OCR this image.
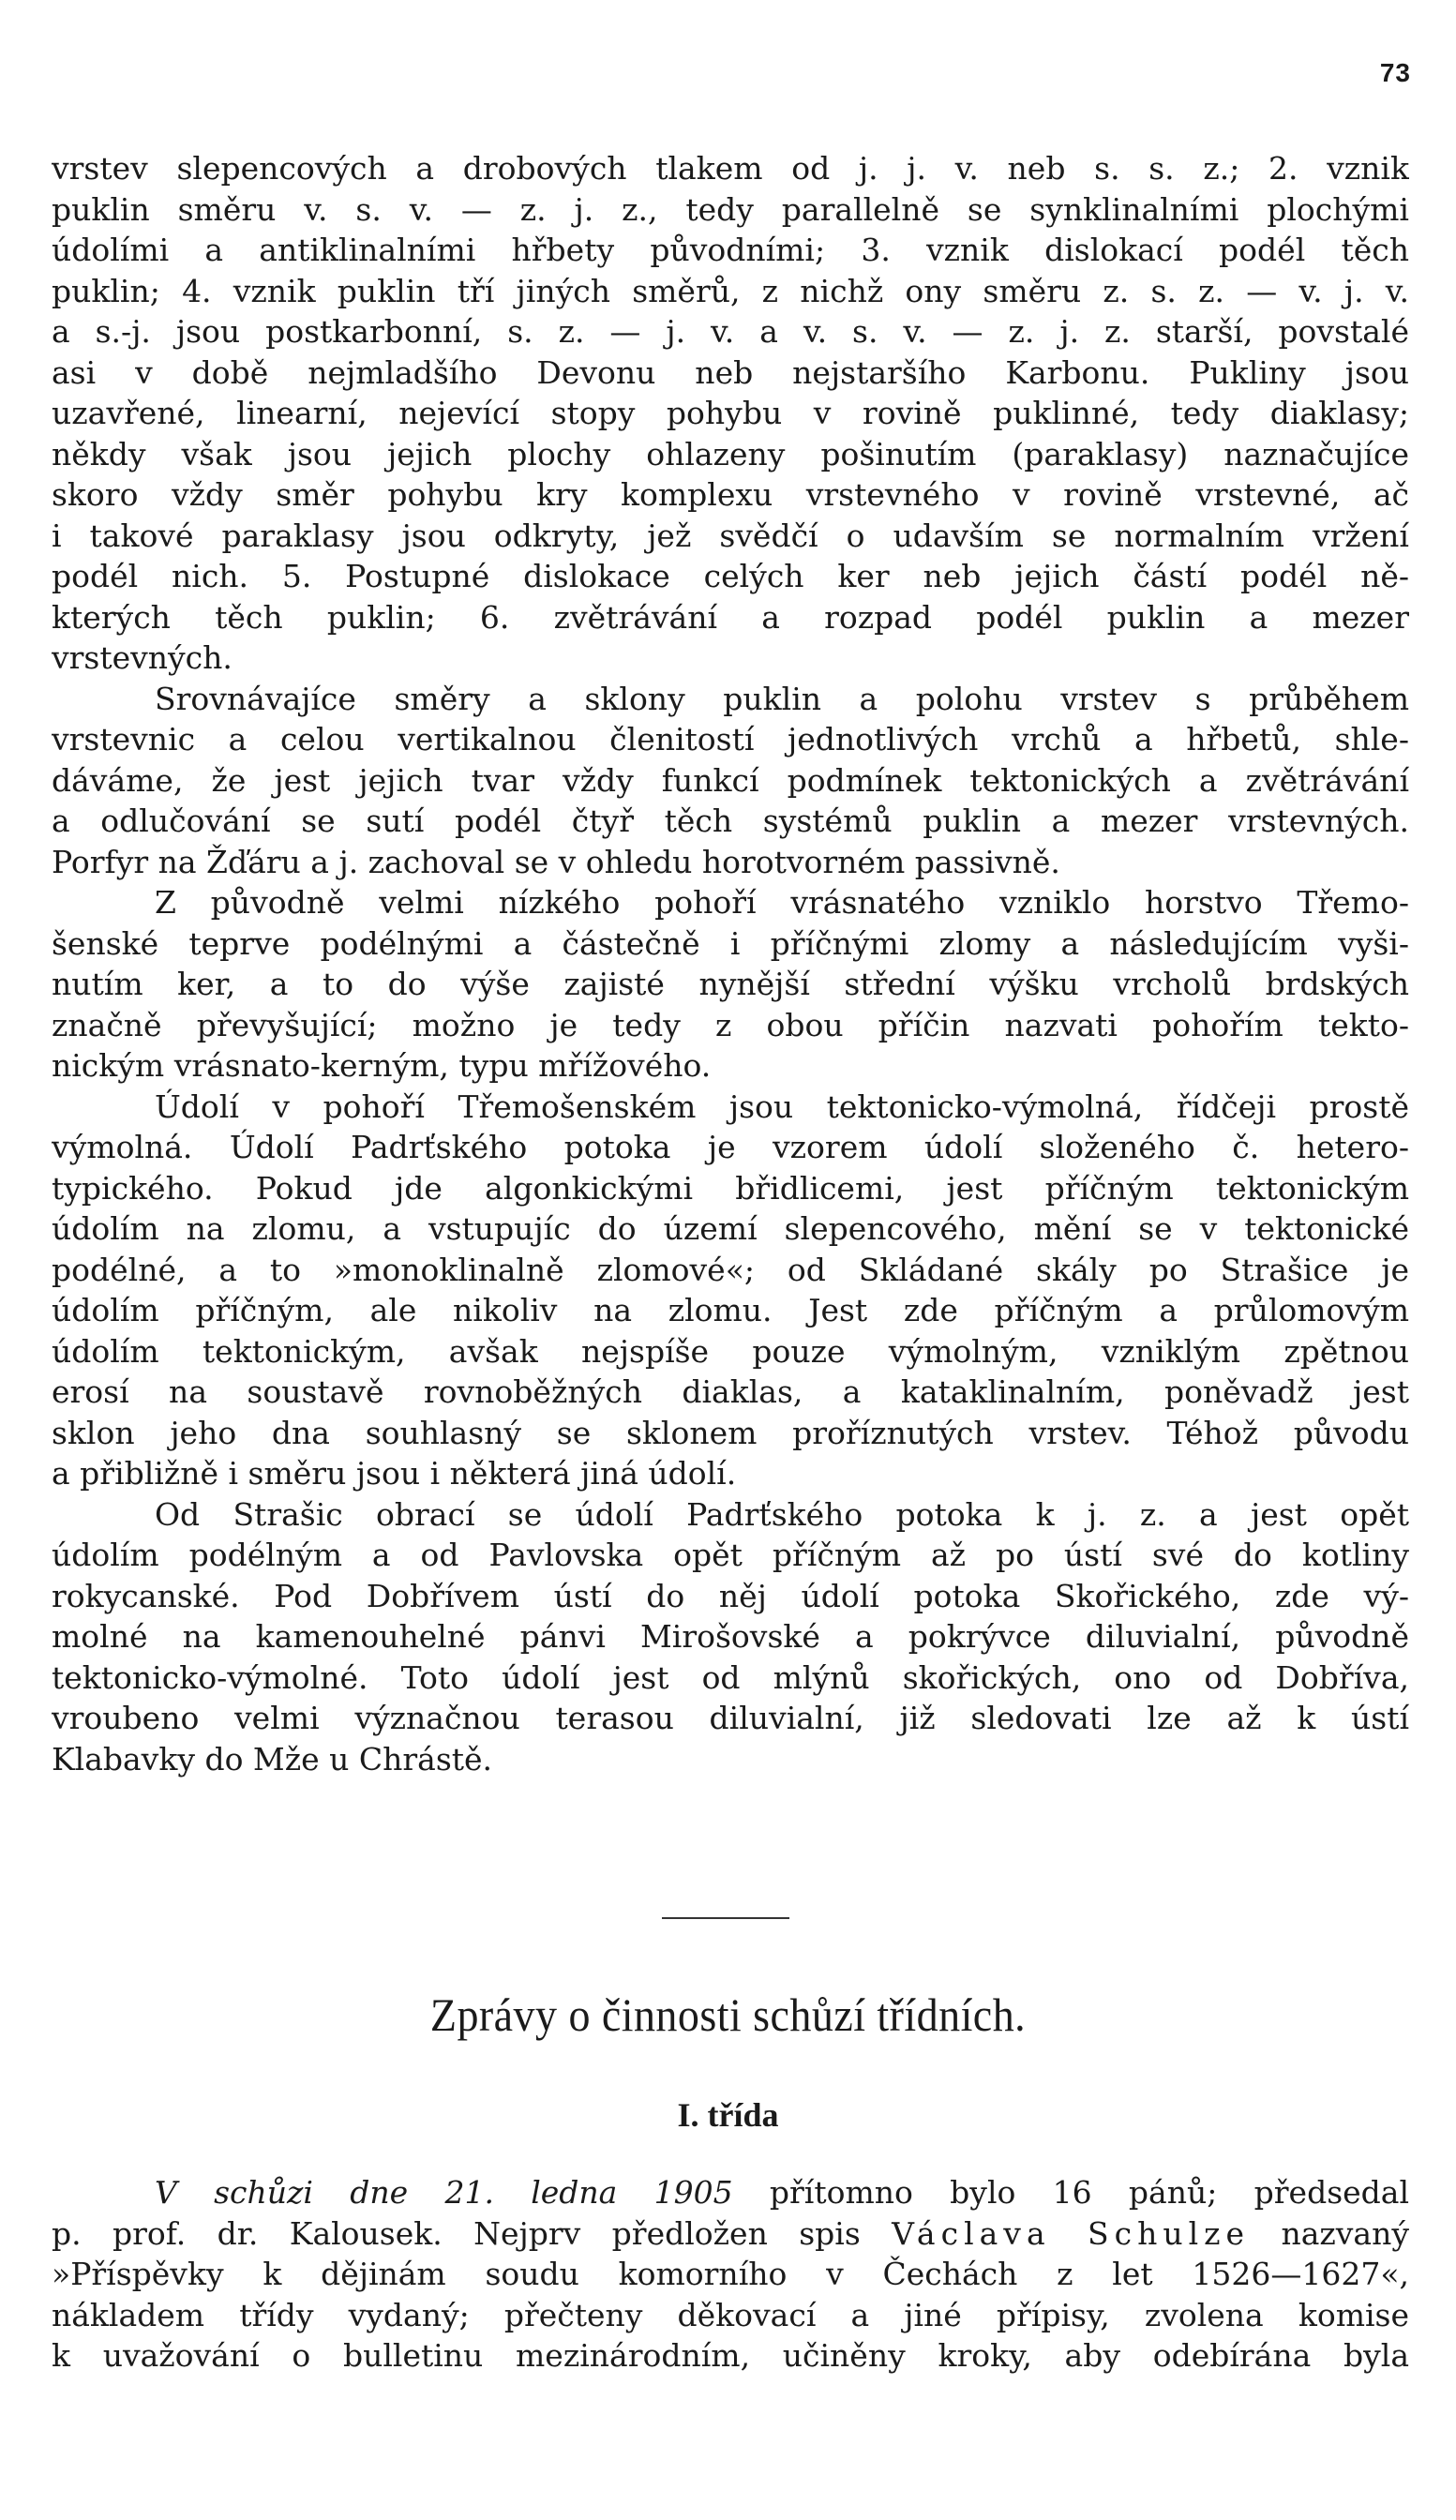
73
vrstev slepencových a drobových tlakem od j. j. v. neb s. s. z.; 2. vznik
puklin směru v. s. v. — z. j. z., tedy parallelně se synklinalními plochými
údolími a antiklinalními hřbety původními; 3. vznik dislokací podél těch
puklin; 4. vznik puklin tří jiných směrů, z nichž ony směru z. s. z. — v. j. v.
a s.-j. jsou postkarbonní, s. z. — j. v. a v. s. v. — z. j. z. starší, povstalé
asi v době nejmladšího Devonu neb nejstaršího Karbonu. Pukliny jsou
uzavřené, linearní, nejevící stopy pohybu v rovině puklinné, tedy diaklasy;
někdy však jsou jejich plochy ohlazeny pošinutím (paraklasy) naznačujíce
skoro vždy směr pohybu kry komplexu vrstevného v rovině vrstevné, ač
i takové paraklasy jsou odkryty, jež svědčí o udavším se normalním vržení
podél nich. 5. Postupné dislokace celých ker neb jejich částí podél ně-
kterých těch puklin; 6. zvětrávání a rozpad podél puklin a mezer
vrstevných.
Srovnávajíce směry a sklony puklin a polohu vrstev s průběhem
vrstevnic a celou vertikalnou členitostí jednotlivých vrchů a hřbetů, shle-
dáváme, že jest jejich tvar vždy funkcí podmínek tektonických a zvětrávání
a odlučování se sutí podél čtyř těch systémů puklin a mezer vrstevných.
Porfyr na Žďáru a j. zachoval se v ohledu horotvorném passivně.
Z původně velmi nízkého pohoří vrásnatého vzniklo horstvo Třemo-
šenské teprve podélnými a částečně i příčnými zlomy a následujícím vyši-
nutím ker, a to do výše zajisté nynější střední výšku vrcholů brdských
značně převyšující; možno je tedy z obou příčin nazvati pohořím tekto-
nickým vrásnato-kerným, typu mřížového.
Údolí v pohoří Třemošenském jsou tektonicko-výmolná, řídčeji prostě
výmolná. Údolí Padrťského potoka je vzorem údolí složeného č. hetero-
typického. Pokud jde algonkickými břidlicemi, jest příčným tektonickým
údolím na zlomu, a vstupujíc do území slepencového, mění se v tektonické
podélné, a to »monoklinalně zlomové«; od Skládané skály po Strašice je
údolím příčným, ale nikoliv na zlomu. Jest zde příčným a průlomovým
údolím tektonickým, avšak nejspíše pouze výmolným, vzniklým zpětnou
erosí na soustavě rovnoběžných diaklas, a kataklinalním, poněvadž jest
sklon jeho dna souhlasný se sklonem proříznutých vrstev. Téhož původu
a přibližně i směru jsou i některá jiná údolí.
Od Strašic obrací se údolí Padrťského potoka k j. z. a jest opět
údolím podélným a od Pavlovska opět příčným až po ústí své do kotliny
rokycanské. Pod Dobřívem ústí do něj údolí potoka Skořického, zde vý-
molné na kamenouhelné pánvi Mirošovské a pokrývce diluvialní, původně
tektonicko-výmolné. Toto údolí jest od mlýnů skořických, ono od Dobříva,
vroubeno velmi význačnou terasou diluvialní, již sledovati lze až k ústí
Klabavky do Mže u Chrástě.
Zprávy o činnosti schůzí třídních.
I. třída
V schůzi dne 21. ledna 1905 přítomno bylo 16 pánů; předsedal
p. prof. dr. Kalousek. Nejprv předložen spis Václava Schulze nazvaný
»Příspěvky k dějinám soudu komorního v Čechách z let 1526—1627«,
nákladem třídy vydaný; přečteny děkovací a jiné přípisy, zvolena komise
k uvažování o bulletinu mezinárodním, učiněny kroky, aby odebírána byla
